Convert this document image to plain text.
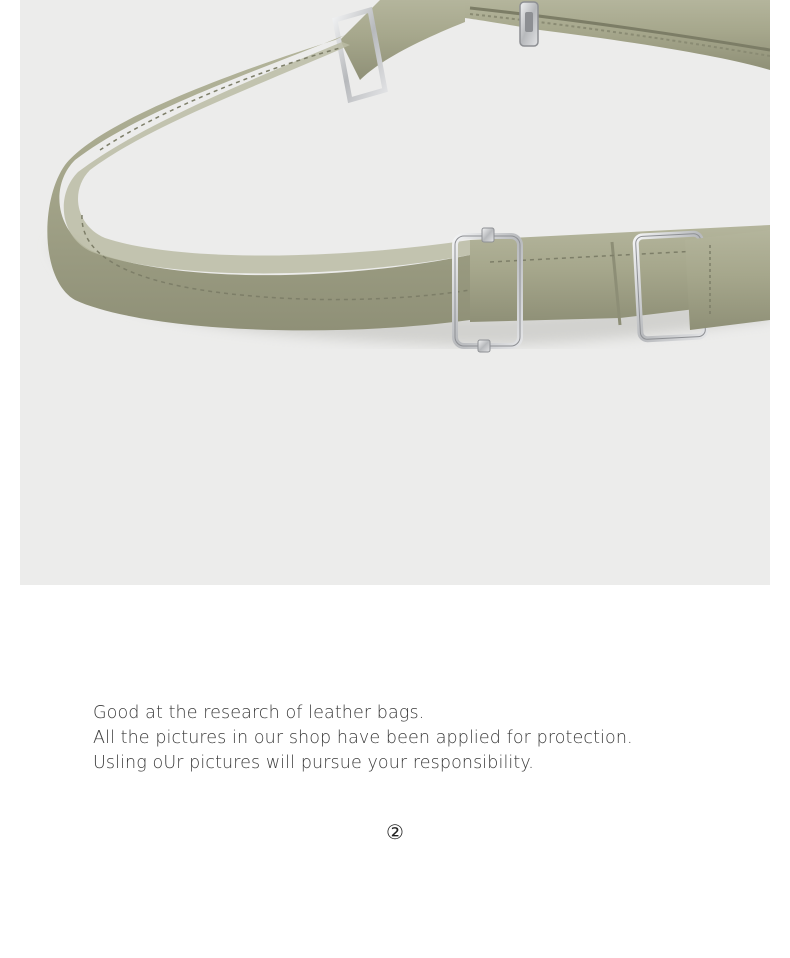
Good at the research of leather bags.
All the pictures in our shop have been applied for protection.
Usling oUr pictures will pursue your responsibility.
②
